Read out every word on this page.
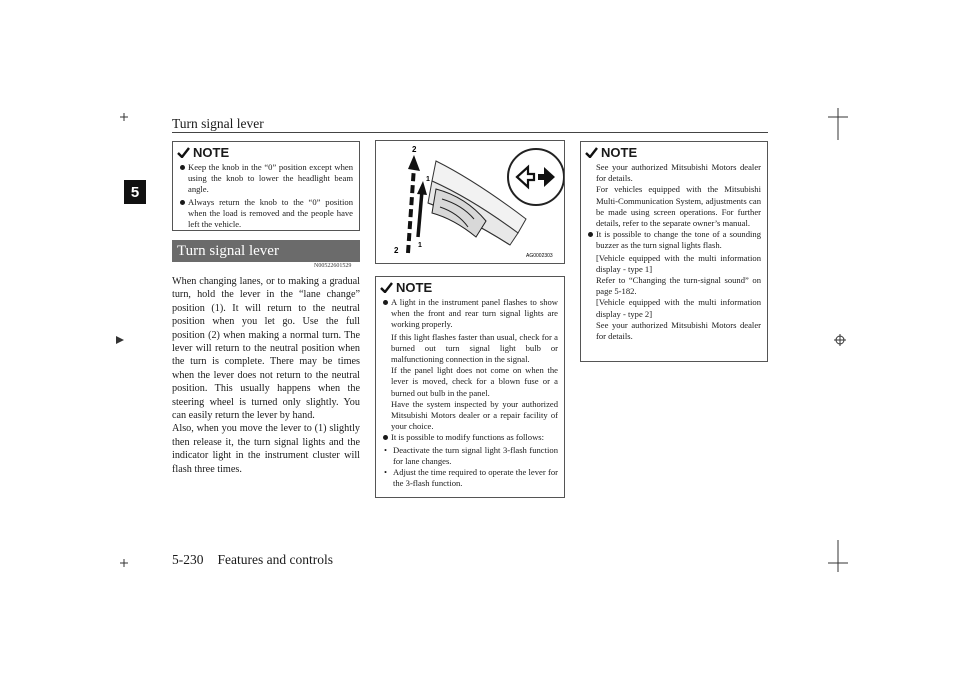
Turn signal lever
5
NOTE

Keep the knob in the “0” position except when using the knob to lower the headlight beam angle.

Always return the knob to the “0” position when the load is removed and the people have left the vehicle.

Turn signal lever
N00522601529

When changing lanes, or to making a gradual turn, hold the lever in the “lane change” position (1). It will return to the neutral position when you let go. Use the full position (2) when making a normal turn. The lever will return to the neutral position when the turn is complete. There may be times when the lever does not return to the neutral position. This usually happens when the steering wheel is turned only slightly. You can easily return the lever by hand.

Also, when you move the lever to (1) slightly then release it, the turn signal lights and the indicator light in the instrument cluster will flash three times.

2
1
1
2
AG0002303
NOTE

A light in the instrument panel flashes to show when the front and rear turn signal lights are working properly.

If this light flashes faster than usual, check for a burned out turn signal light bulb or malfunctioning connection in the signal.

If the panel light does not come on when the lever is moved, check for a blown fuse or a burned out bulb in the panel.

Have the system inspected by your authorized Mitsubishi Motors dealer or a repair facility of your choice.

It is possible to modify functions as follows:

• Deactivate the turn signal light 3-flash function for lane changes.

• Adjust the time required to operate the lever for the 3-flash function.

NOTE

See your authorized Mitsubishi Motors dealer for details.

For vehicles equipped with the Mitsubishi Multi-Communication System, adjustments can be made using screen operations. For further details, refer to the separate owner’s manual.

It is possible to change the tone of a sounding buzzer as the turn signal lights flash.

[Vehicle equipped with the multi information display - type 1]

Refer to “Changing the turn-signal sound” on page 5-182.

[Vehicle equipped with the multi information display - type 2]

See your authorized Mitsubishi Motors dealer for details.

5-230 Features and controls
